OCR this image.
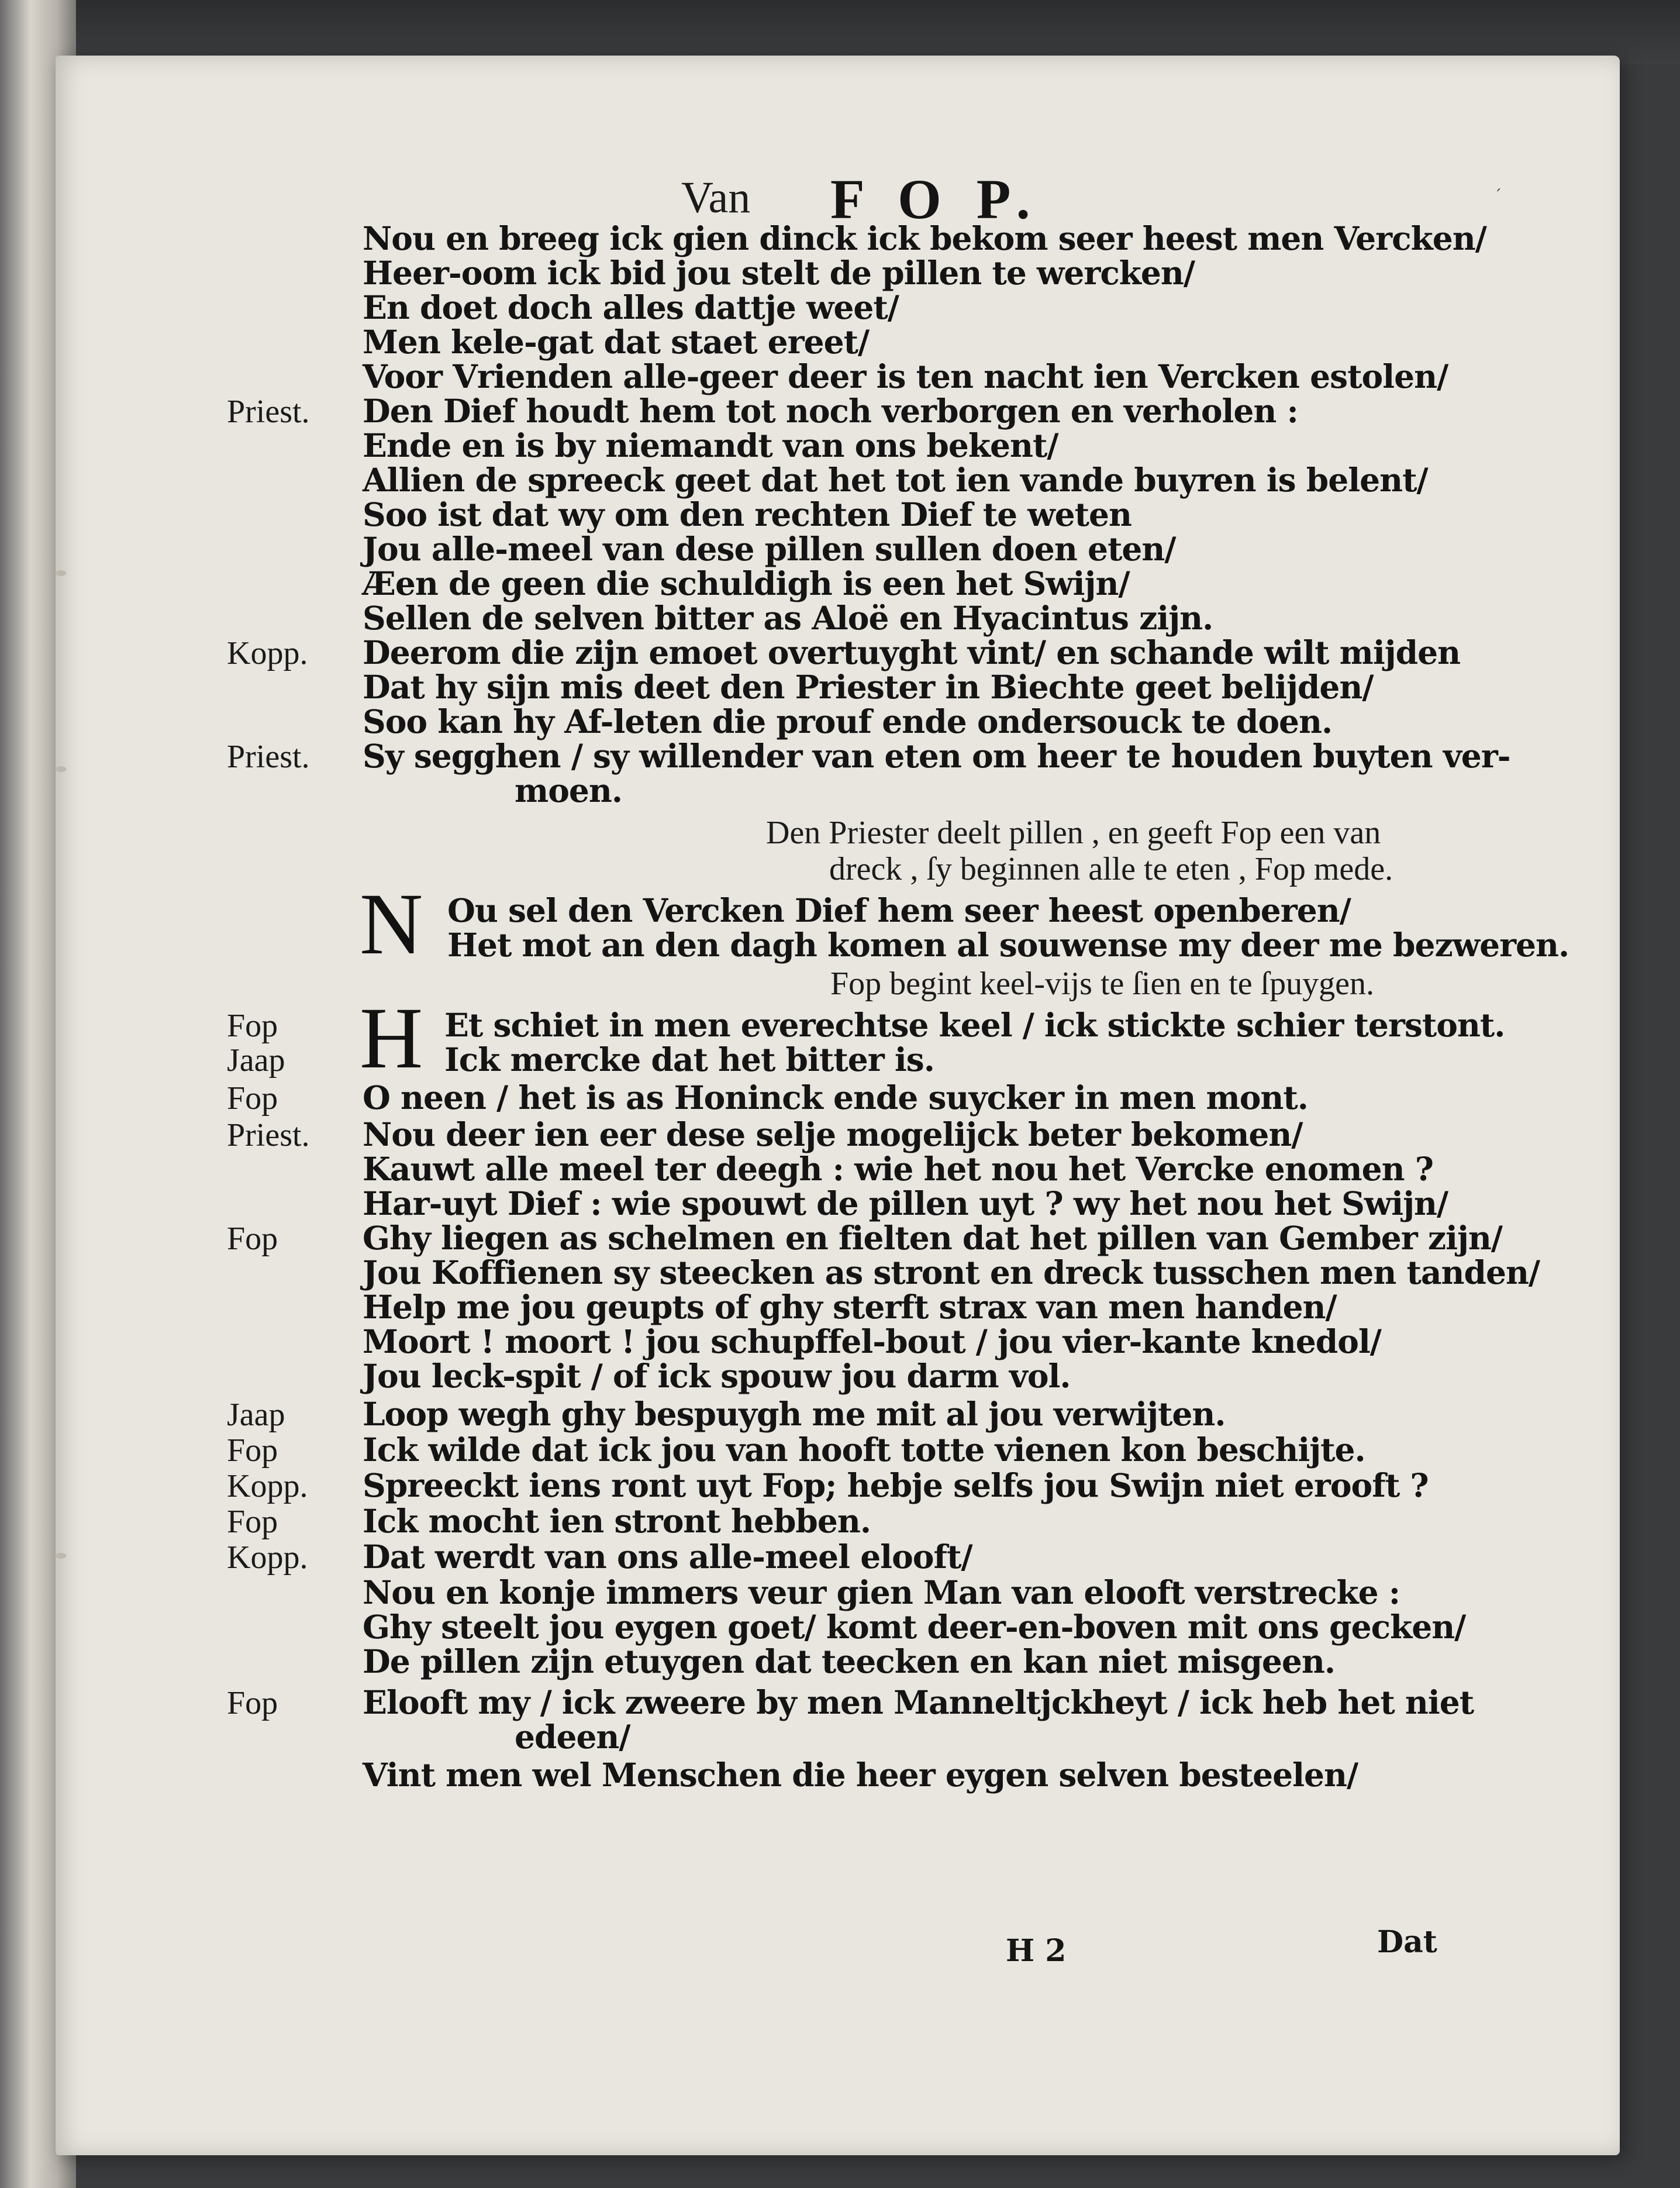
ˊ
Van F O P.
Nou en breeg ick gien dinck ick bekom seer heest men Vercken/
Heer-oom ick bid jou stelt de pillen te wercken/
En doet doch alles dattje weet/
Men kele-gat dat staet ereet/
Voor Vrienden alle-geer deer is ten nacht ien Vercken estolen/
Den Dief houdt hem tot noch verborgen en verholen :
Priest.
Ende en is by niemandt van ons bekent/
Allien de spreeck geet dat het tot ien vande buyren is belent/
Soo ist dat wy om den rechten Dief te weten
Jou alle-meel van dese pillen sullen doen eten/
Æen de geen die schuldigh is een het Swijn/
Sellen de selven bitter as Aloë en Hyacintus zijn.
Deerom die zijn emoet overtuyght vint/ en schande wilt mijden
Kopp.
Dat hy sijn mis deet den Priester in Biechte geet belijden/
Soo kan hy Af-leten die prouf ende ondersouck te doen.
Sy segghen / sy willender van eten om heer te houden buyten ver-
Priest.
moen.
Den Priester deelt pillen , en geeft Fop een van
dreck , ſy beginnen alle te eten , Fop mede.
Ou sel den Vercken Dief hem seer heest openberen/
Het mot an den dagh komen al souwense my deer me bezweren.
Fop begint keel-vijs te ſien en te ſpuygen.
Et schiet in men everechtse keel / ick stickte schier terstont.
Fop
Ick mercke dat het bitter is.
Jaap
O neen / het is as Honinck ende suycker in men mont.
Fop
Nou deer ien eer dese selje mogelijck beter bekomen/
Priest.
Kauwt alle meel ter deegh : wie het nou het Vercke enomen ?
Har-uyt Dief : wie spouwt de pillen uyt ? wy het nou het Swijn/
Ghy liegen as schelmen en fielten dat het pillen van Gember zijn/
Fop
Jou Koffienen sy steecken as stront en dreck tusschen men tanden/
Help me jou geupts of ghy sterft strax van men handen/
Moort ! moort ! jou schupffel-bout / jou vier-kante knedol/
Jou leck-spit / of ick spouw jou darm vol.
Loop wegh ghy bespuygh me mit al jou verwijten.
Jaap
Ick wilde dat ick jou van hooft totte vienen kon beschijte.
Fop
Spreeckt iens ront uyt Fop; hebje selfs jou Swijn niet erooft ?
Kopp.
Ick mocht ien stront hebben.
Fop
Dat werdt van ons alle-meel elooft/
Kopp.
Nou en konje immers veur gien Man van elooft verstrecke :
Ghy steelt jou eygen goet/ komt deer-en-boven mit ons gecken/
De pillen zijn etuygen dat teecken en kan niet misgeen.
Elooft my / ick zweere by men Manneltjckheyt / ick heb het niet
Fop
edeen/
Vint men wel Menschen die heer eygen selven besteelen/
N
H
H 2	Dat
